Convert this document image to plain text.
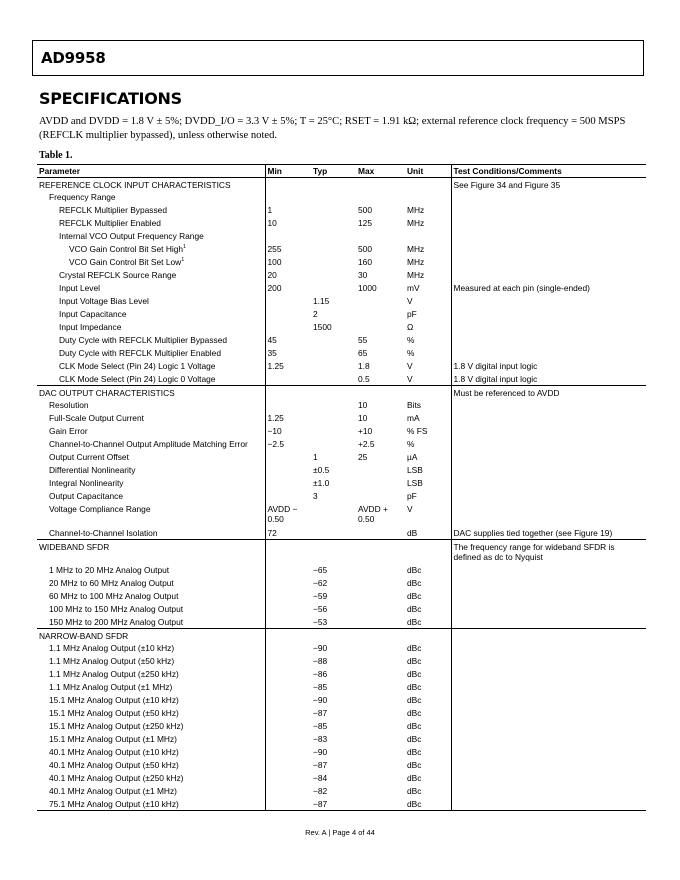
AD9958
SPECIFICATIONS
AVDD and DVDD = 1.8 V ± 5%; DVDD_I/O = 3.3 V ± 5%; T = 25°C; RSET = 1.91 kΩ; external reference clock frequency = 500 MSPS (REFCLK multiplier bypassed), unless otherwise noted.
Table 1.
Parameter	Min	Typ	Max	Unit	Test Conditions/Comments
REFERENCE CLOCK INPUT CHARACTERISTICS					See Figure 34 and Figure 35
Frequency Range					
REFCLK Multiplier Bypassed	1		500	MHz	
REFCLK Multiplier Enabled	10		125	MHz	
Internal VCO Output Frequency Range					
VCO Gain Control Bit Set High$^1$	255		500	MHz	
VCO Gain Control Bit Set Low$^1$	100		160	MHz	
Crystal REFCLK Source Range	20		30	MHz	
Input Level	200		1000	mV	Measured at each pin (single-ended)
Input Voltage Bias Level		1.15		V	
Input Capacitance		2		pF	
Input Impedance		1500		Ω	
Duty Cycle with REFCLK Multiplier Bypassed	45		55	%	
Duty Cycle with REFCLK Multiplier Enabled	35		65	%	
CLK Mode Select (Pin 24) Logic 1 Voltage	1.25		1.8	V	1.8 V digital input logic
CLK Mode Select (Pin 24) Logic 0 Voltage			0.5	V	1.8 V digital input logic
DAC OUTPUT CHARACTERISTICS					Must be referenced to AVDD
Resolution			10	Bits	
Full-Scale Output Current	1.25		10	mA	
Gain Error	−10		+10	% FS	
Channel-to-Channel Output Amplitude Matching Error	−2.5		+2.5	%	
Output Current Offset		1	25	µA	
Differential Nonlinearity		±0.5		LSB	
Integral Nonlinearity		±1.0		LSB	
Output Capacitance		3		pF	
Voltage Compliance Range	AVDD − 0.50		AVDD + 0.50	V	
Channel-to-Channel Isolation	72			dB	DAC supplies tied together (see Figure 19)
WIDEBAND SFDR					The frequency range for wideband SFDR is defined as dc to Nyquist
1 MHz to 20 MHz Analog Output		−65		dBc	
20 MHz to 60 MHz Analog Output		−62		dBc	
60 MHz to 100 MHz Analog Output		−59		dBc	
100 MHz to 150 MHz Analog Output		−56		dBc	
150 MHz to 200 MHz Analog Output		−53		dBc	
NARROW-BAND SFDR					
1.1 MHz Analog Output (±10 kHz)		−90		dBc	
1.1 MHz Analog Output (±50 kHz)		−88		dBc	
1.1 MHz Analog Output (±250 kHz)		−86		dBc	
1.1 MHz Analog Output (±1 MHz)		−85		dBc	
15.1 MHz Analog Output (±10 kHz)		−90		dBc	
15.1 MHz Analog Output (±50 kHz)		−87		dBc	
15.1 MHz Analog Output (±250 kHz)		−85		dBc	
15.1 MHz Analog Output (±1 MHz)		−83		dBc	
40.1 MHz Analog Output (±10 kHz)		−90		dBc	
40.1 MHz Analog Output (±50 kHz)		−87		dBc	
40.1 MHz Analog Output (±250 kHz)		−84		dBc	
40.1 MHz Analog Output (±1 MHz)		−82		dBc	
75.1 MHz Analog Output (±10 kHz)		−87		dBc	
Rev. A | Page 4 of 44
